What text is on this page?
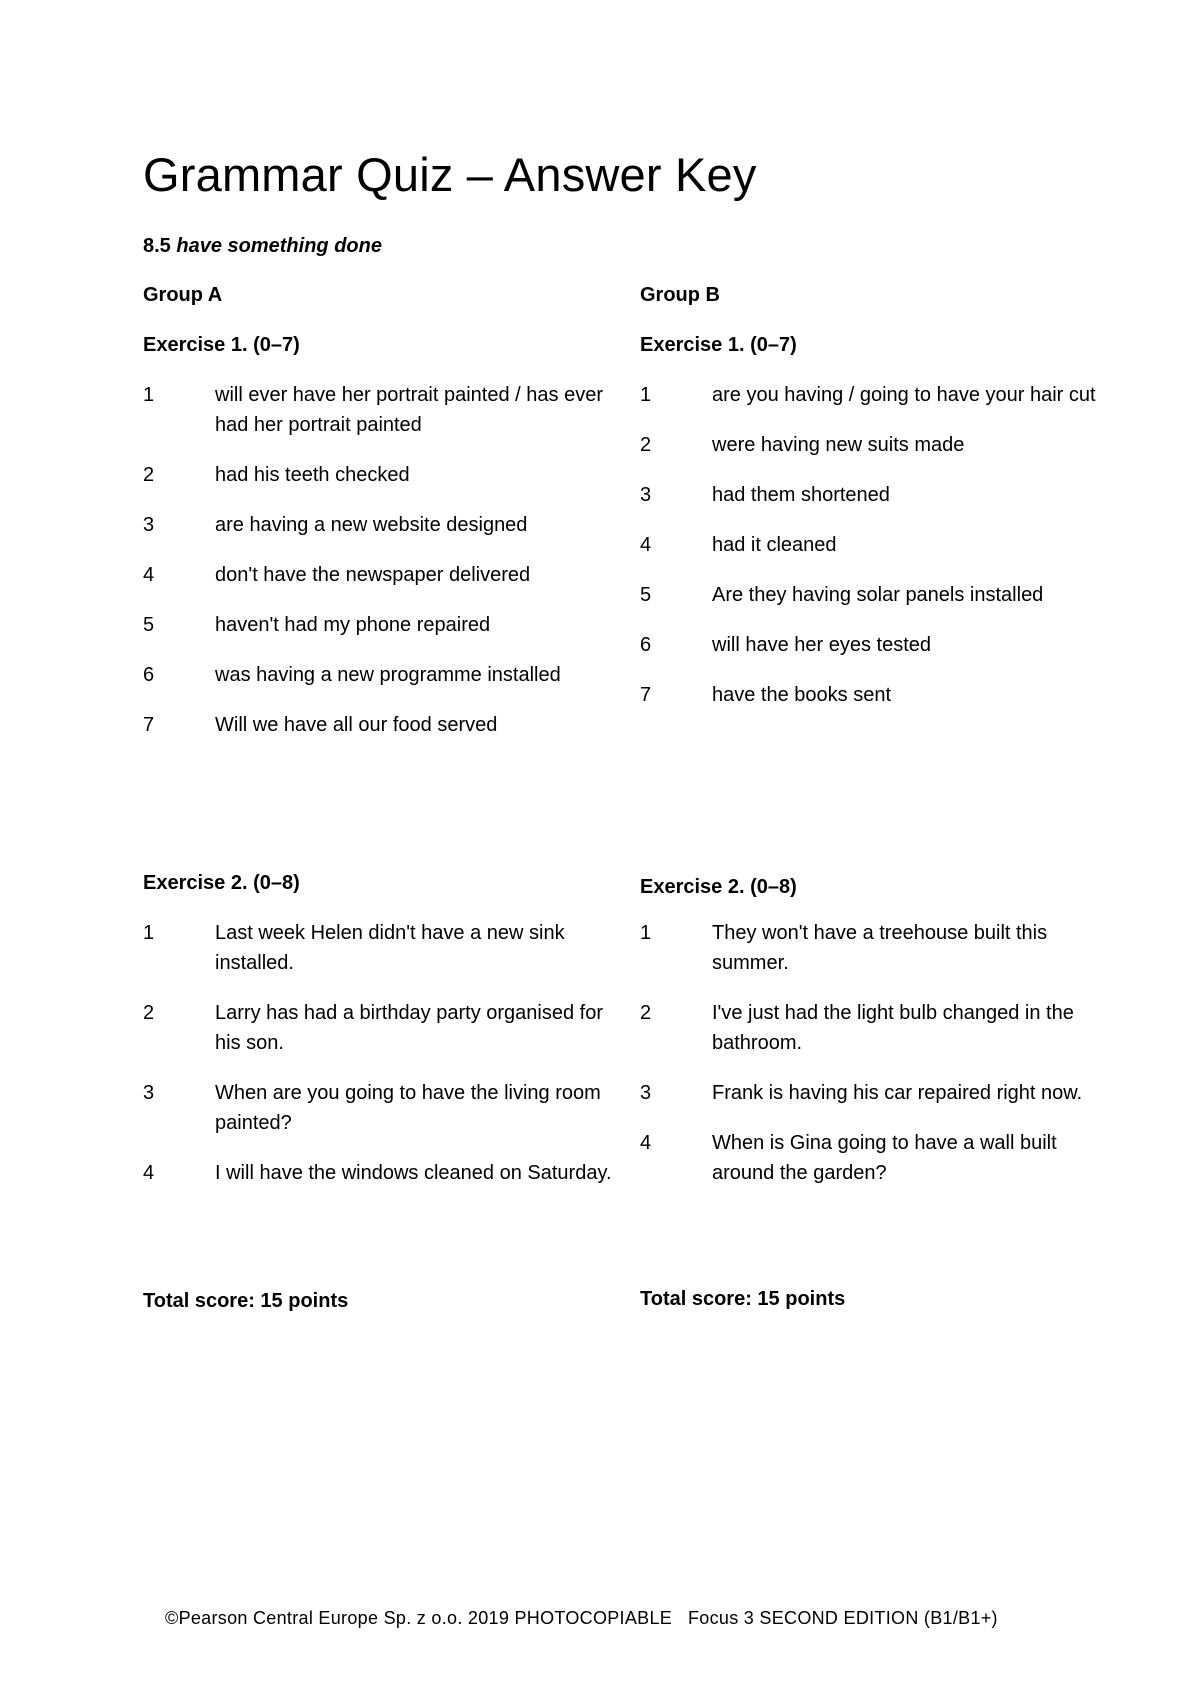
Grammar Quiz – Answer Key
8.5 have something done
Group A
Exercise 1. (0–7)
1	will ever have her portrait painted / has ever had her portrait painted
2	had his teeth checked
3	are having a new website designed
4	don't have the newspaper delivered
5	haven't had my phone repaired
6	was having a new programme installed
7	Will we have all our food served
Exercise 2. (0–8)
1	Last week Helen didn't have a new sink installed.
2	Larry has had a birthday party organised for his son.
3	When are you going to have the living room painted?
4	I will have the windows cleaned on Saturday.
Total score: 15 points
Group B
Exercise 1. (0–7)
1	are you having / going to have your hair cut
2	were having new suits made
3	had them shortened
4	had it cleaned
5	Are they having solar panels installed
6	will have her eyes tested
7	have the books sent
Exercise 2. (0–8)
1	They won't have a treehouse built this summer.
2	I've just had the light bulb changed in the bathroom.
3	Frank is having his car repaired right now.
4	When is Gina going to have a wall built around the garden?
Total score: 15 points
©Pearson Central Europe Sp. z o.o. 2019 PHOTOCOPIABLE   Focus 3 SECOND EDITION (B1/B1+)
